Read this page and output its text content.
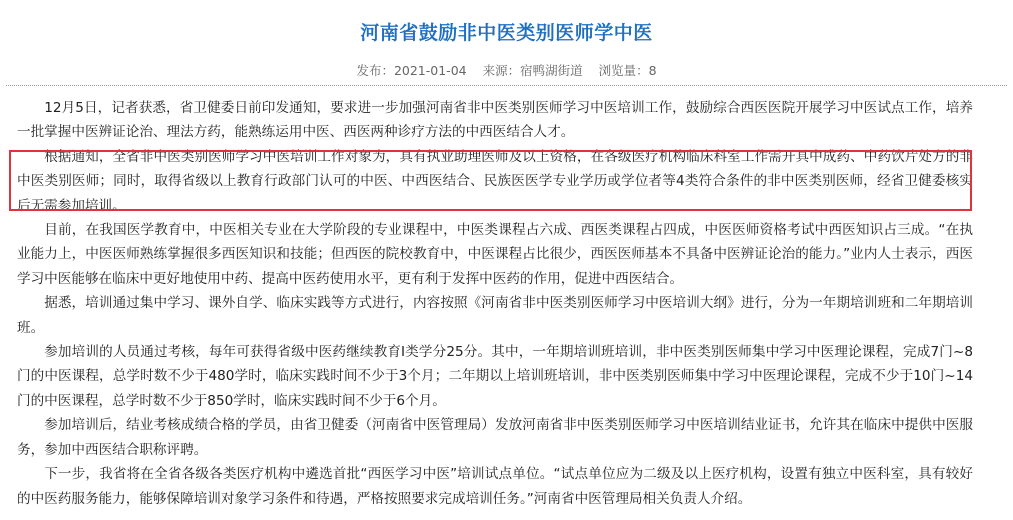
河南省鼓励非中医类别医师学中医
发布：2021-01-04 来源：宿鸭湖街道 浏览量：8

12月5日，记者获悉，省卫健委日前印发通知，要求进一步加强河南省非中医类别医师学习中医培训工作，鼓励综合西医医院开展学习中医试点工作，培养一批掌握中医辨证论治、理法方药，能熟练运用中医、西医两种诊疗方法的中西医结合人才。

根据通知，全省非中医类别医师学习中医培训工作对象为，具有执业助理医师及以上资格，在各级医疗机构临床科室工作需开具中成药、中药饮片处方的非中医类别医师；同时，取得省级以上教育行政部门认可的中医、中西医结合、民族医医学专业学历或学位者等4类符合条件的非中医类别医师，经省卫健委核实后无需参加培训。

目前，在我国医学教育中，中医相关专业在大学阶段的专业课程中，中医类课程占六成、西医类课程占四成，中医医师资格考试中西医知识占三成。“在执业能力上，中医医师熟练掌握很多西医知识和技能；但西医的院校教育中，中医课程占比很少，西医医师基本不具备中医辨证论治的能力。”业内人士表示，西医学习中医能够在临床中更好地使用中药、提高中医药使用水平，更有利于发挥中医药的作用，促进中西医结合。

据悉，培训通过集中学习、课外自学、临床实践等方式进行，内容按照《河南省非中医类别医师学习中医培训大纲》进行，分为一年期培训班和二年期培训班。

参加培训的人员通过考核，每年可获得省级中医药继续教育I类学分25分。其中，一年期培训班培训，非中医类别医师集中学习中医理论课程，完成7门~8门的中医课程，总学时数不少于480学时，临床实践时间不少于3个月；二年期以上培训班培训，非中医类别医师集中学习中医理论课程，完成不少于10门~14门的中医课程，总学时数不少于850学时，临床实践时间不少于6个月。

参加培训后，结业考核成绩合格的学员，由省卫健委（河南省中医管理局）发放河南省非中医类别医师学习中医培训结业证书，允许其在临床中提供中医服务，参加中西医结合职称评聘。

下一步，我省将在全省各级各类医疗机构中遴选首批“西医学习中医”培训试点单位。“试点单位应为二级及以上医疗机构，设置有独立中医科室，具有较好的中医药服务能力，能够保障培训对象学习条件和待遇，严格按照要求完成培训任务。”河南省中医管理局相关负责人介绍。
